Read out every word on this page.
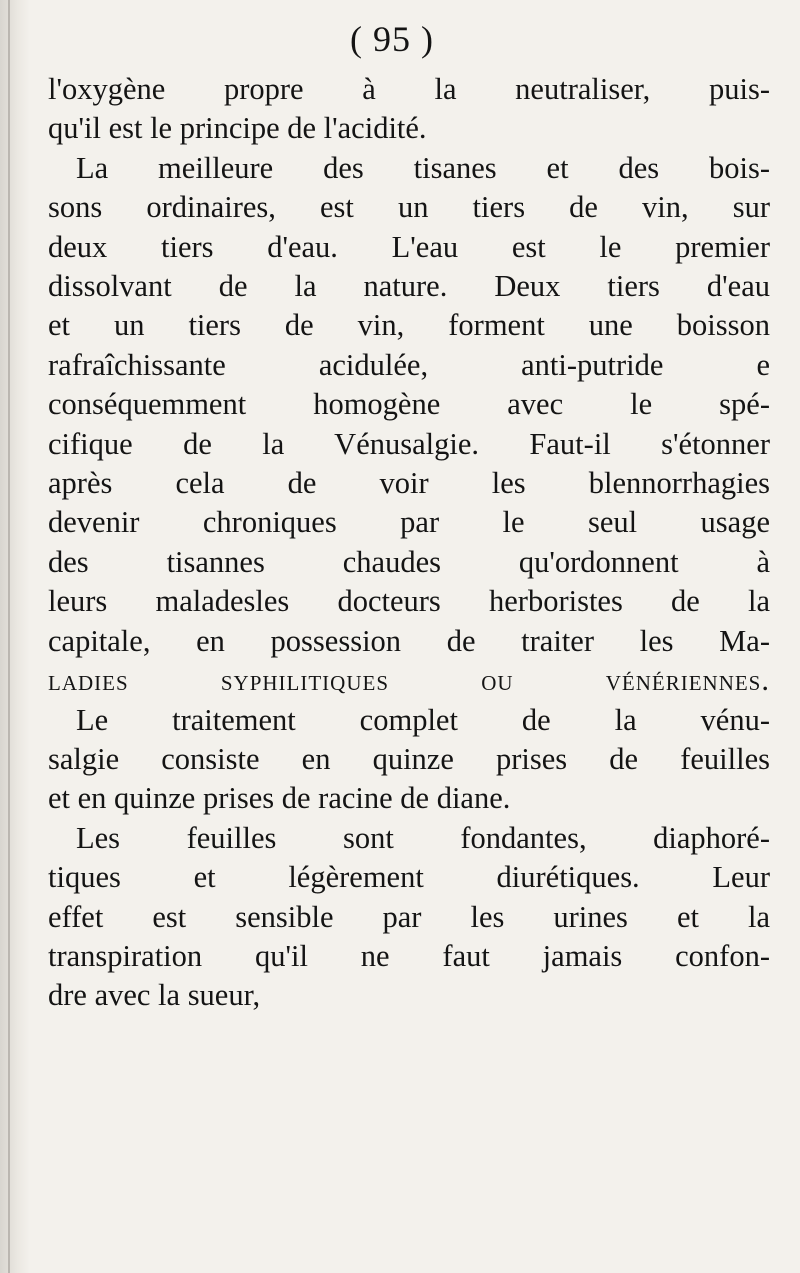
( 95 )
l'oxygène propre à la neutraliser, puis-
qu'il est le principe de l'acidité.
La meilleure des tisanes et des bois-
sons ordinaires, est un tiers de vin, sur
deux tiers d'eau. L'eau est le premier
dissolvant de la nature. Deux tiers d'eau
et un tiers de vin, forment une boisson
rafraîchissante acidulée, anti-putride e
conséquemment homogène avec le spé-
cifique de la Vénusalgie. Faut-il s'étonner
après cela de voir les blennorrhagies
devenir chroniques par le seul usage
des tisannes chaudes qu'ordonnent à
leurs maladesles docteurs herboristes de la
capitale, en possession de traiter les Ma-
ladies syphilitiques ou vénériennes.
Le traitement complet de la vénu-
salgie consiste en quinze prises de feuilles
et en quinze prises de racine de diane.
Les feuilles sont fondantes, diaphoré-
tiques et légèrement diurétiques. Leur
effet est sensible par les urines et la
transpiration qu'il ne faut jamais confon-
dre avec la sueur,
